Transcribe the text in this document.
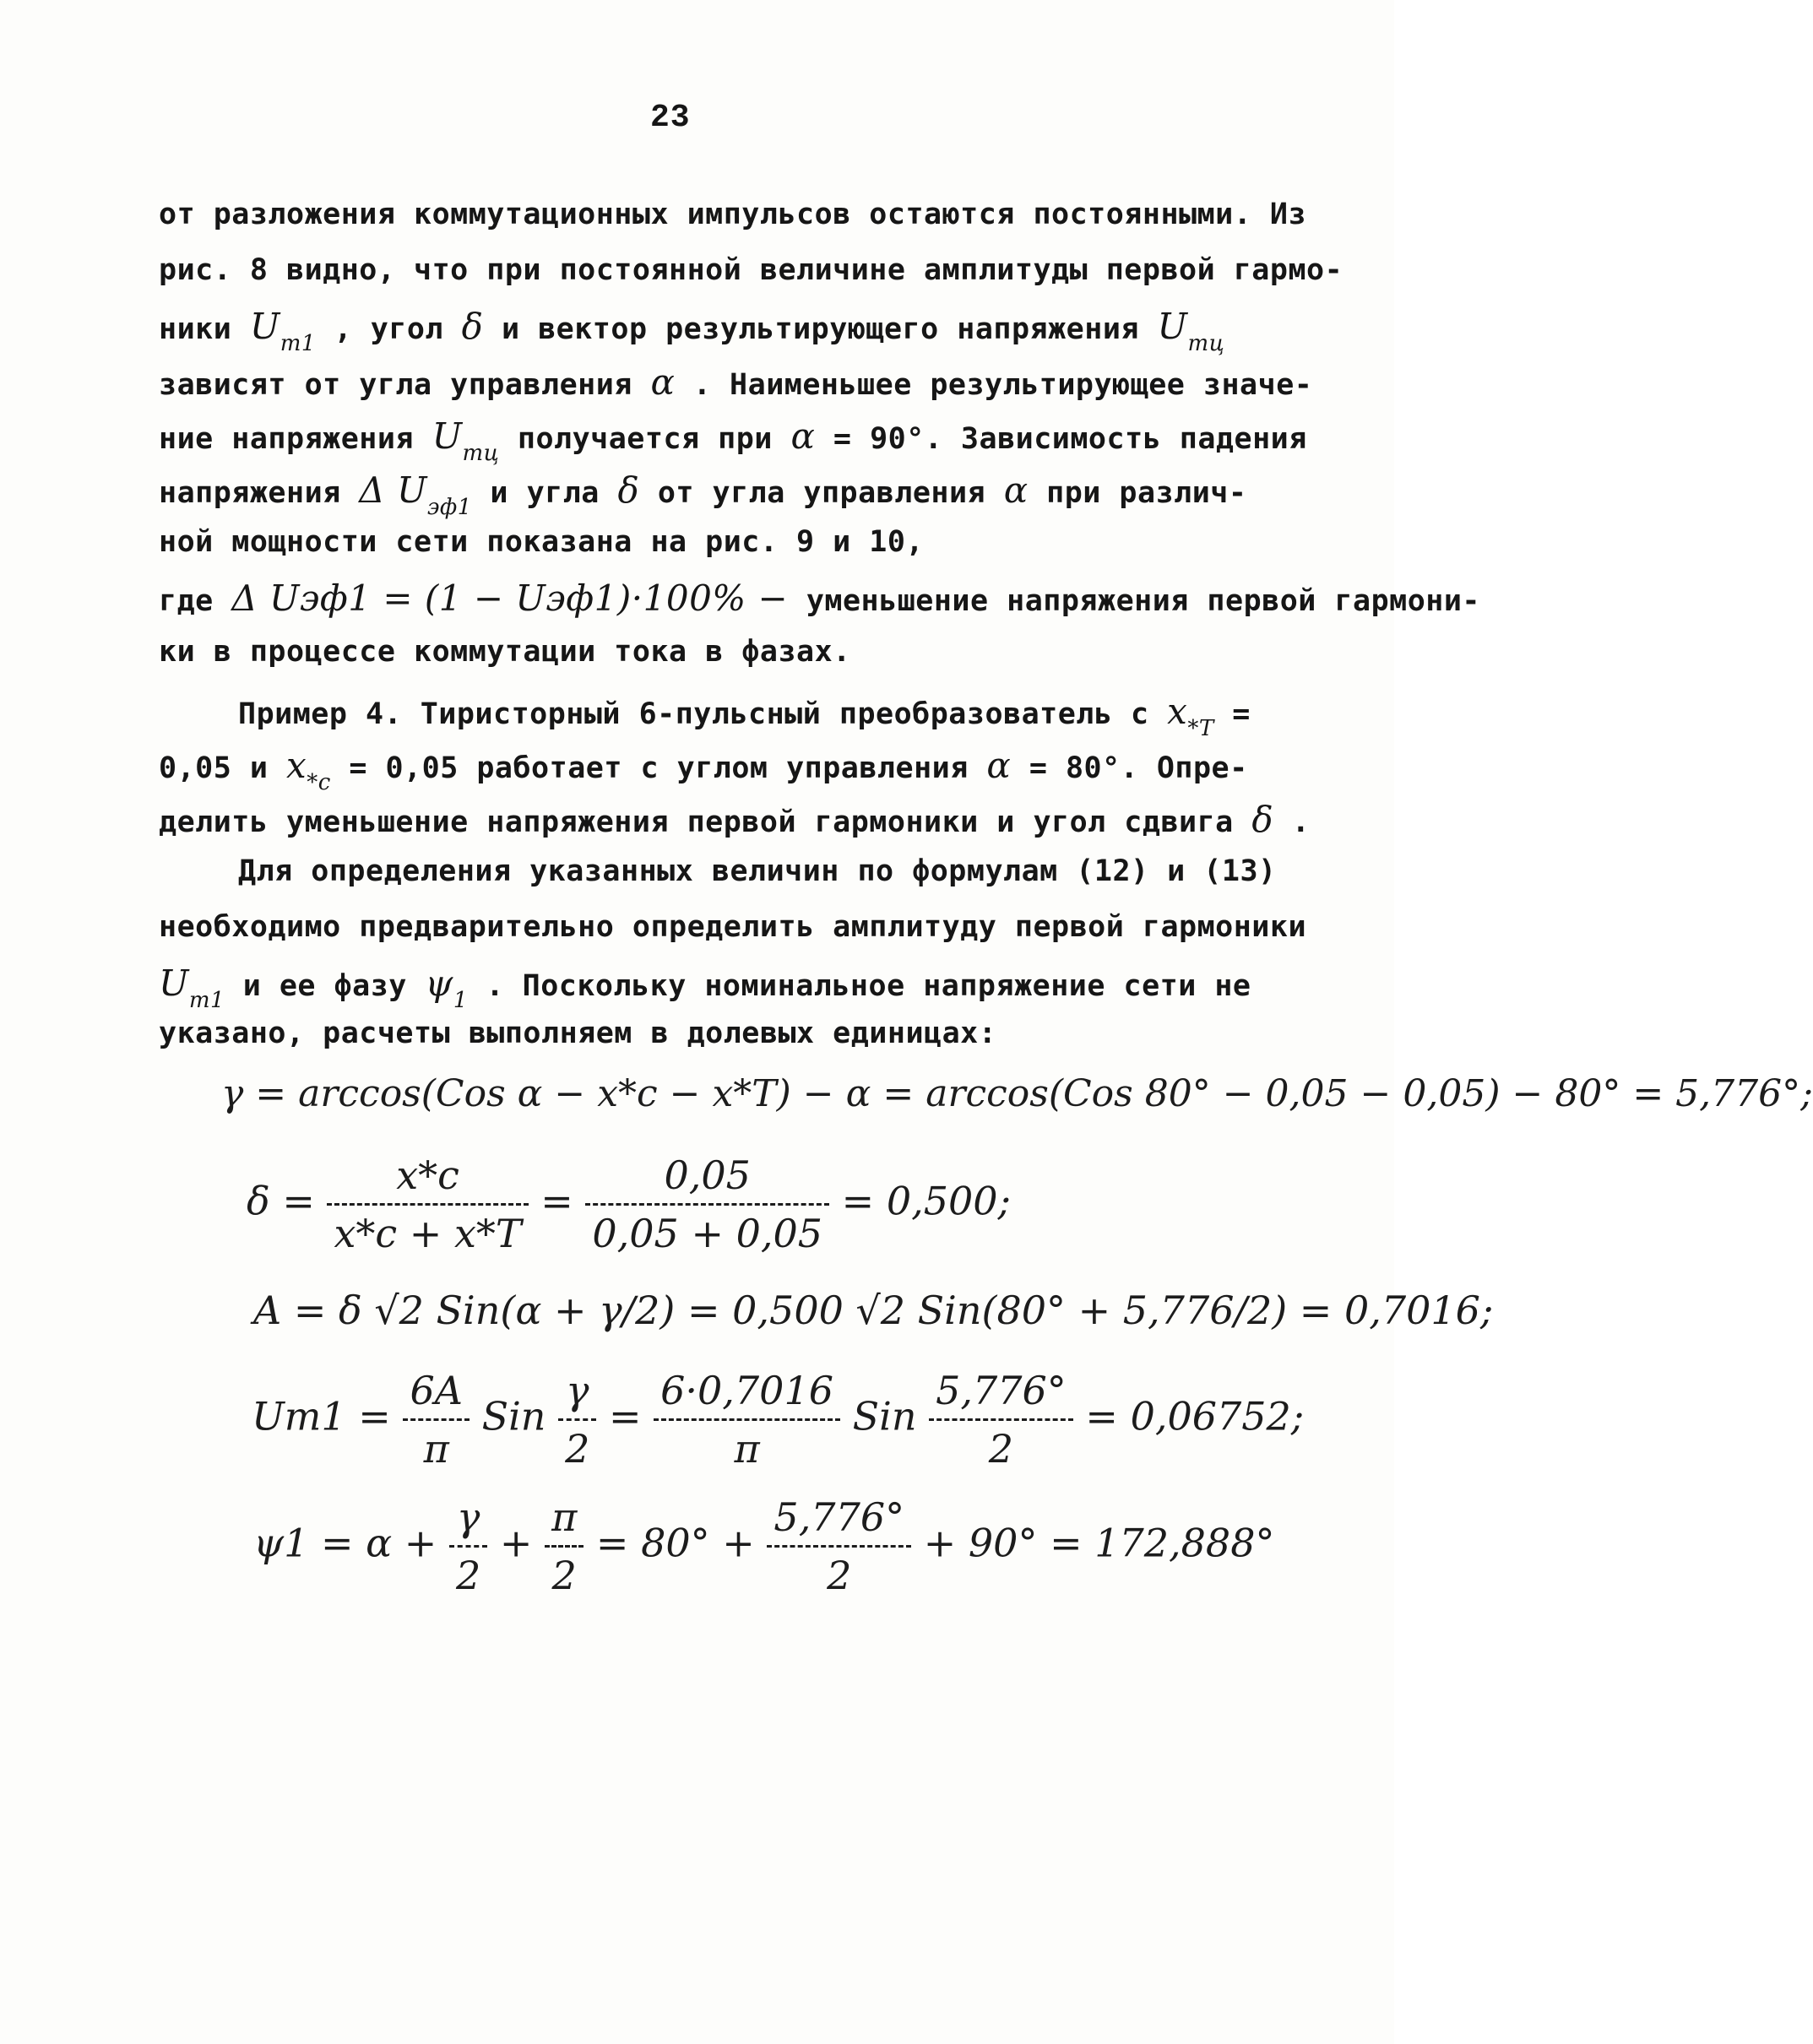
23
от разложения коммутационных импульсов остаются постоянными. Из
рис. 8 видно, что при постоянной величине амплитуды первой гармо-
ники $U_{m1}$ , угол δ и вектор результирующего напряжения $U_{mц}$
зависят от угла управления α . Наименьшее результирующее значе-
ние напряжения $U_{mц}$ получается при α = 90°. Зависимость падения
напряжения Δ $U_{эф1}$ и угла δ от угла управления α при различ-
ной мощности сети показана на рис. 9 и 10,
где Δ Uэф1 = (1 − Uэф1)·100% − уменьшение напряжения первой гармони-
ки в процессе коммутации тока в фазах.
Пример 4. Тиристорный 6-пульсный преобразователь с $x_{*T}$ =
0,05 и $x_{*c} = 0,05$ работает с углом управления α = 80°. Опре-
делить уменьшение напряжения первой гармоники и угол сдвига δ .
Для определения указанных величин по формулам (12) и (13)
необходимо предварительно определить амплитуду первой гармоники
$U_{m1}$ и ее фазу $\psi_1$ . Поскольку номинальное напряжение сети не
указано, расчеты выполняем в долевых единицах:
γ = arccos(Cos α − x*c − x*T) − α = arccos(Cos 80° − 0,05 − 0,05) − 80° = 5,776°;
$\delta = \frac{x*c}{x*c + x*T} = \frac{0,05}{0,05 + 0,05} = 0,500$;
A = δ √2 Sin(α + γ/2) = 0,500 √2 Sin(80° + 5,776/2) = 0,7016;
$Um1 = \frac{6A}{\pi}$ Sin $\frac{\gamma}{2} = \frac{6\cdot 0,7016}{\pi}$ Sin $\frac{5,776^\circ}{2} = 0,06752$;
$\psi 1 = \alpha + \frac{\gamma}{2} + \frac{\pi}{2} = 80^\circ + \frac{5,776^\circ}{2} + 90^\circ = 172,888^\circ$
